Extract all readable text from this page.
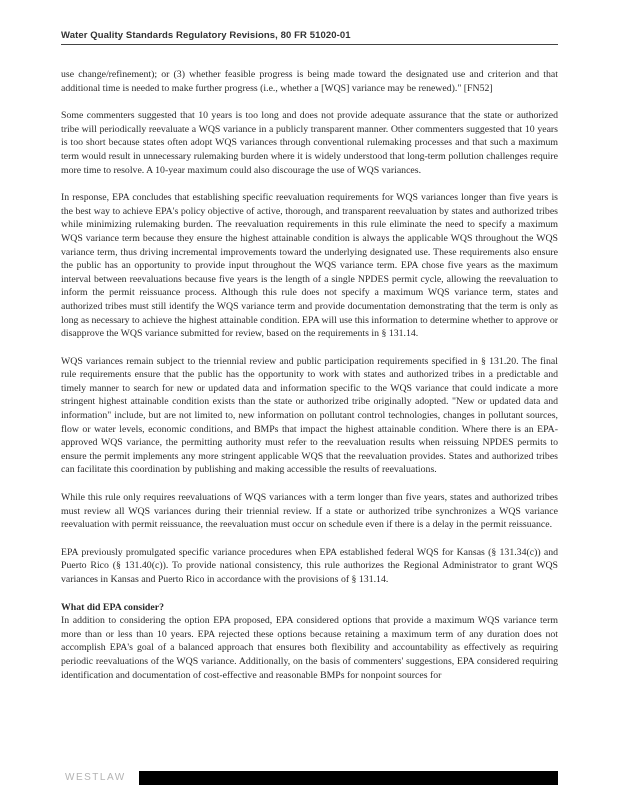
Water Quality Standards Regulatory Revisions, 80 FR 51020-01

use change/refinement); or (3) whether feasible progress is being made toward the designated use and criterion and that additional time is needed to make further progress (i.e., whether a [WQS] variance may be renewed)." [FN52]

Some commenters suggested that 10 years is too long and does not provide adequate assurance that the state or authorized tribe will periodically reevaluate a WQS variance in a publicly transparent manner. Other commenters suggested that 10 years is too short because states often adopt WQS variances through conventional rulemaking processes and that such a maximum term would result in unnecessary rulemaking burden where it is widely understood that long-term pollution challenges require more time to resolve. A 10-year maximum could also discourage the use of WQS variances.

In response, EPA concludes that establishing specific reevaluation requirements for WQS variances longer than five years is the best way to achieve EPA's policy objective of active, thorough, and transparent reevaluation by states and authorized tribes while minimizing rulemaking burden. The reevaluation requirements in this rule eliminate the need to specify a maximum WQS variance term because they ensure the highest attainable condition is always the applicable WQS throughout the WQS variance term, thus driving incremental improvements toward the underlying designated use. These requirements also ensure the public has an opportunity to provide input throughout the WQS variance term. EPA chose five years as the maximum interval between reevaluations because five years is the length of a single NPDES permit cycle, allowing the reevaluation to inform the permit reissuance process. Although this rule does not specify a maximum WQS variance term, states and authorized tribes must still identify the WQS variance term and provide documentation demonstrating that the term is only as long as necessary to achieve the highest attainable condition. EPA will use this information to determine whether to approve or disapprove the WQS variance submitted for review, based on the requirements in § 131.14.

WQS variances remain subject to the triennial review and public participation requirements specified in § 131.20. The final rule requirements ensure that the public has the opportunity to work with states and authorized tribes in a predictable and timely manner to search for new or updated data and information specific to the WQS variance that could indicate a more stringent highest attainable condition exists than the state or authorized tribe originally adopted. "New or updated data and information" include, but are not limited to, new information on pollutant control technologies, changes in pollutant sources, flow or water levels, economic conditions, and BMPs that impact the highest attainable condition. Where there is an EPA-approved WQS variance, the permitting authority must refer to the reevaluation results when reissuing NPDES permits to ensure the permit implements any more stringent applicable WQS that the reevaluation provides. States and authorized tribes can facilitate this coordination by publishing and making accessible the results of reevaluations.

While this rule only requires reevaluations of WQS variances with a term longer than five years, states and authorized tribes must review all WQS variances during their triennial review. If a state or authorized tribe synchronizes a WQS variance reevaluation with permit reissuance, the reevaluation must occur on schedule even if there is a delay in the permit reissuance.

EPA previously promulgated specific variance procedures when EPA established federal WQS for Kansas (§ 131.34(c)) and Puerto Rico (§ 131.40(c)). To provide national consistency, this rule authorizes the Regional Administrator to grant WQS variances in Kansas and Puerto Rico in accordance with the provisions of § 131.14.

What did EPA consider?

In addition to considering the option EPA proposed, EPA considered options that provide a maximum WQS variance term more than or less than 10 years. EPA rejected these options because retaining a maximum term of any duration does not accomplish EPA's goal of a balanced approach that ensures both flexibility and accountability as effectively as requiring periodic reevaluations of the WQS variance. Additionally, on the basis of commenters' suggestions, EPA considered requiring identification and documentation of cost-effective and reasonable BMPs for nonpoint sources for

WESTLAW
